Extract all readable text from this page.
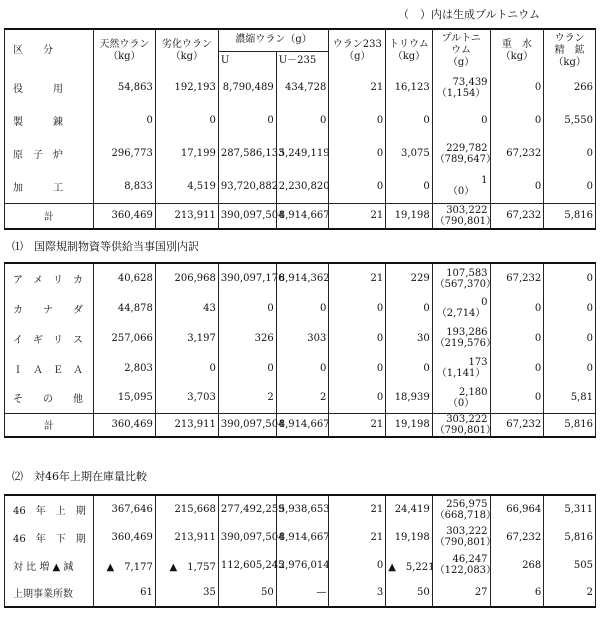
（　）内は生成プルトニウム
区　　分	天然ウラン
（kg）	劣化ウラン
（kg）	濃縮ウラン（g）		ウラン233
（g）	トリウム
（kg）	プルトニ
ウム
（g）	重　水
（kg）	ウラン
精　鉱
（kg）
			U	U－235					

役　　　用	54,863	192,193	8,790,489	434,728	21	16,123	73,439
（1,154）	0	266

製　　　錬	0	0	0	0	0	0	0	0	5,550

原　子　炉	296,773	17,199	287,586,133	5,249,119	0	3,075	229,782
（789,647）	67,232	0

加　　　工	8,833	4,519	93,720,882	2,230,820	0	0	1
（0）	0	0

計	360,469	213,911	390,097,504	8,914,667	21	19,198	303,222
（790,801）	67,232	5,816
⑴　国際規制物資等供給当事国別内訳
ア　メ　リ　カ	40,628	206,968	390,097,176	8,914,362	21	229	107,583
（567,370）	67,232	0

カ　　ナ　　ダ	44,878	43	0	0	0	0	0
（2,714）	0	0

イ　ギ　リ　ス	257,066	3,197	326	303	0	30	193,286
（219,576）	0	0

Ｉ　Ａ　Ｅ　Ａ	2,803	0	0	0	0	0	173
（1,141）	0	0

そ　　の　　他	15,095	3,703	2	2	0	18,939	2,180
（0）	0	5,81

計	360,469	213,911	390,097,504	8,914,667	21	19,198	303,222
（790,801）	67,232	5,816
⑵　対46年上期在庫量比較
46　年　上　期	367,646	215,668	277,492,259	5,938,653	21	24,419	256,975
（668,718）	66,964	5,311

46　年　下　期	360,469	213,911	390,097,504	8,914,667	21	19,198	303,222
（790,801）	67,232	5,816

対 比 増 ▲ 減	▲　7,177	▲　1,757	112,605,245	2,976,014	0	▲　5,221	46,247
（122,083）	268	505

上期事業所数	61	35	50	—	3	50	27	6	2
